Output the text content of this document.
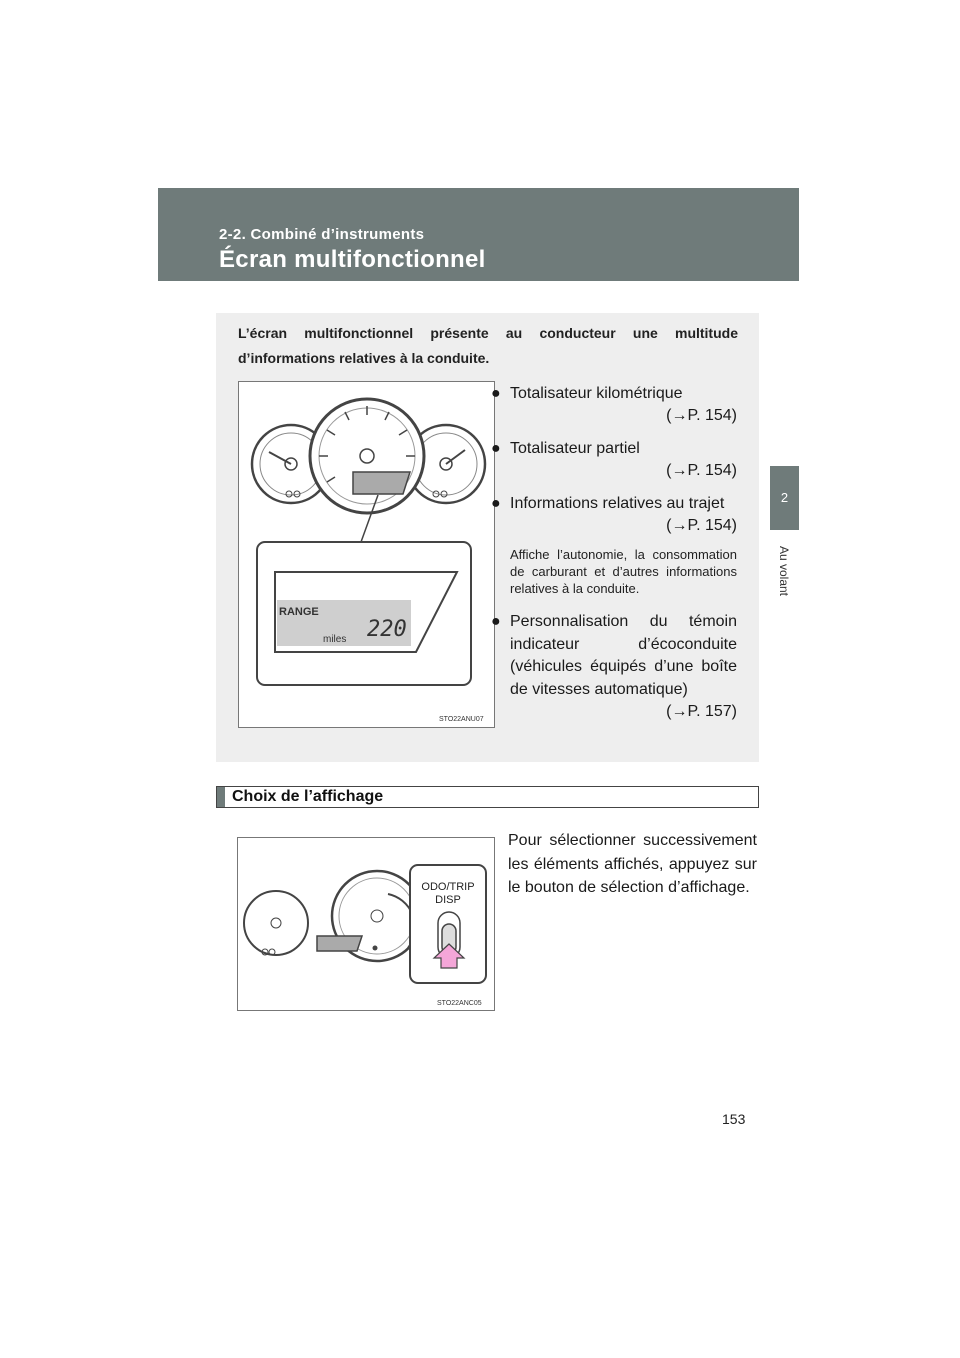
2-2. Combiné d’instruments
Écran multifonctionnel
2
Au volant
L’écran multifonctionnel présente au conducteur une multitude d’informations relatives à la conduite.
RANGE
220
miles
STO22ANU07
● Totalisateur kilométrique
(→P. 154)
● Totalisateur partiel
(→P. 154)
● Informations relatives au trajet
(→P. 154)
Affiche l’autonomie, la consommation de carburant et d’autres informations relatives à la conduite.
● Personnalisation du témoin indicateur d’écoconduite (véhicules équipés d’une boîte de vitesses automatique)
(→P. 157)
Choix de l’affichage
ODO/TRIP
DISP
STO22ANC05
Pour sélectionner successivement les éléments affichés, appuyez sur le bouton de sélection d’affichage.
153
